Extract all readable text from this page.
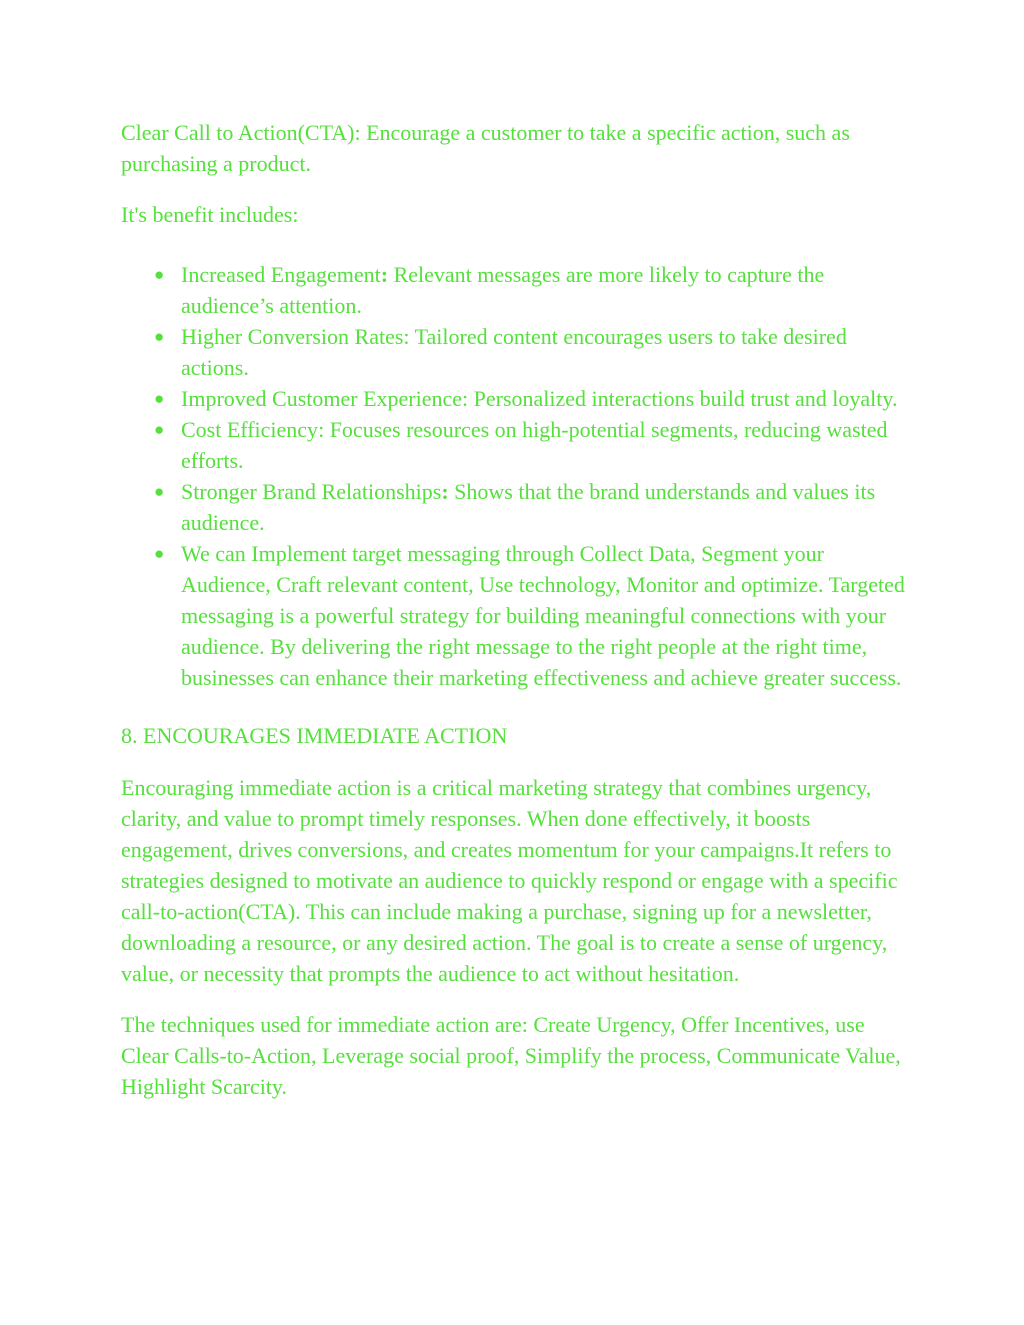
Clear Call to Action(CTA): Encourage a customer to take a specific action, such as purchasing a product.

It's benefit includes:

● Increased Engagement: Relevant messages are more likely to capture the audience’s attention.
● Higher Conversion Rates: Tailored content encourages users to take desired actions.
● Improved Customer Experience: Personalized interactions build trust and loyalty.
● Cost Efficiency: Focuses resources on high-potential segments, reducing wasted efforts.
● Stronger Brand Relationships: Shows that the brand understands and values its audience.
● We can Implement target messaging through Collect Data, Segment your Audience, Craft relevant content, Use technology, Monitor and optimize. Targeted messaging is a powerful strategy for building meaningful connections with your audience. By delivering the right message to the right people at the right time, businesses can enhance their marketing effectiveness and achieve greater success.

8. ENCOURAGES IMMEDIATE ACTION

Encouraging immediate action is a critical marketing strategy that combines urgency, clarity, and value to prompt timely responses. When done effectively, it boosts engagement, drives conversions, and creates momentum for your campaigns.It refers to strategies designed to motivate an audience to quickly respond or engage with a specific call-to-action(CTA). This can include making a purchase, signing up for a newsletter, downloading a resource, or any desired action. The goal is to create a sense of urgency, value, or necessity that prompts the audience to act without hesitation.

The techniques used for immediate action are: Create Urgency, Offer Incentives, use Clear Calls-to-Action, Leverage social proof, Simplify the process, Communicate Value, Highlight Scarcity.
